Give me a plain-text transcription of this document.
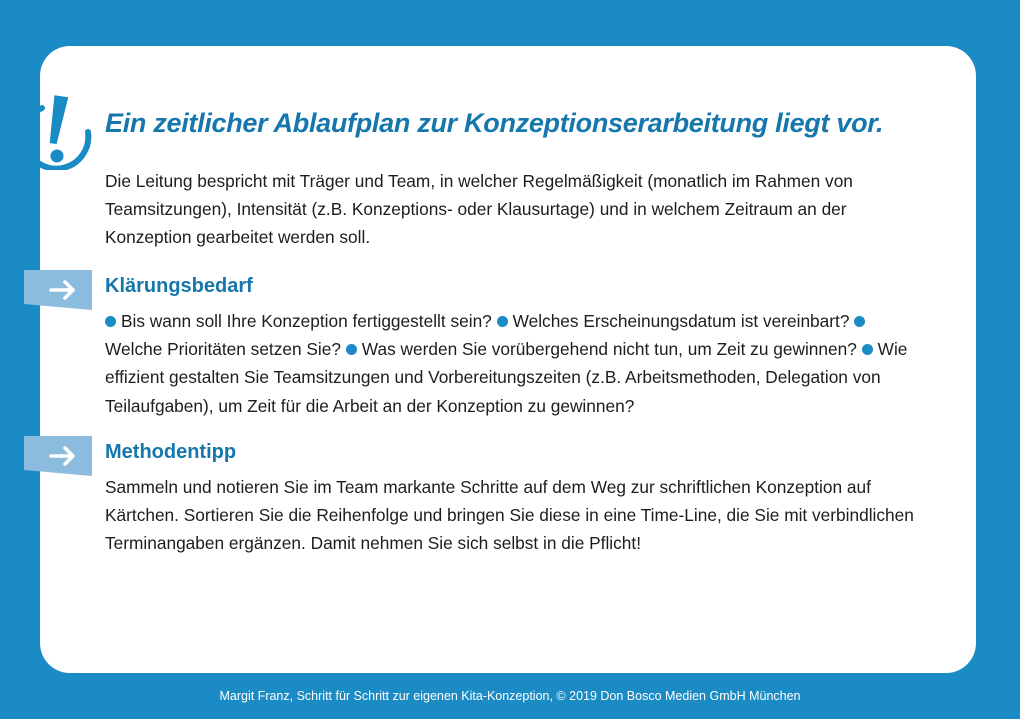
Ein zeitlicher Ablaufplan zur Konzeptionserarbeitung liegt vor.

Die Leitung bespricht mit Träger und Team, in welcher Regelmäßigkeit (monatlich im Rahmen von Teamsitzungen), Intensität (z.B. Konzeptions- oder Klausurtage) und in welchem Zeitraum an der Konzeption gearbeitet werden soll.

Klärungsbedarf

Bis wann soll Ihre Konzeption fertiggestellt sein? Welches Erscheinungsdatum ist vereinbart? Welche Prioritäten setzen Sie? Was werden Sie vorübergehend nicht tun, um Zeit zu gewinnen? Wie effizient gestalten Sie Teamsitzungen und Vorbereitungszeiten (z.B. Arbeitsmethoden, Delegation von Teilaufgaben), um Zeit für die Arbeit an der Konzeption zu gewinnen?

Methodentipp

Sammeln und notieren Sie im Team markante Schritte auf dem Weg zur schriftlichen Konzeption auf Kärtchen. Sortieren Sie die Reihenfolge und bringen Sie diese in eine Time-Line, die Sie mit verbindlichen Terminangaben ergänzen. Damit nehmen Sie sich selbst in die Pflicht!

Margit Franz, Schritt für Schritt zur eigenen Kita-Konzeption, © 2019 Don Bosco Medien GmbH München
